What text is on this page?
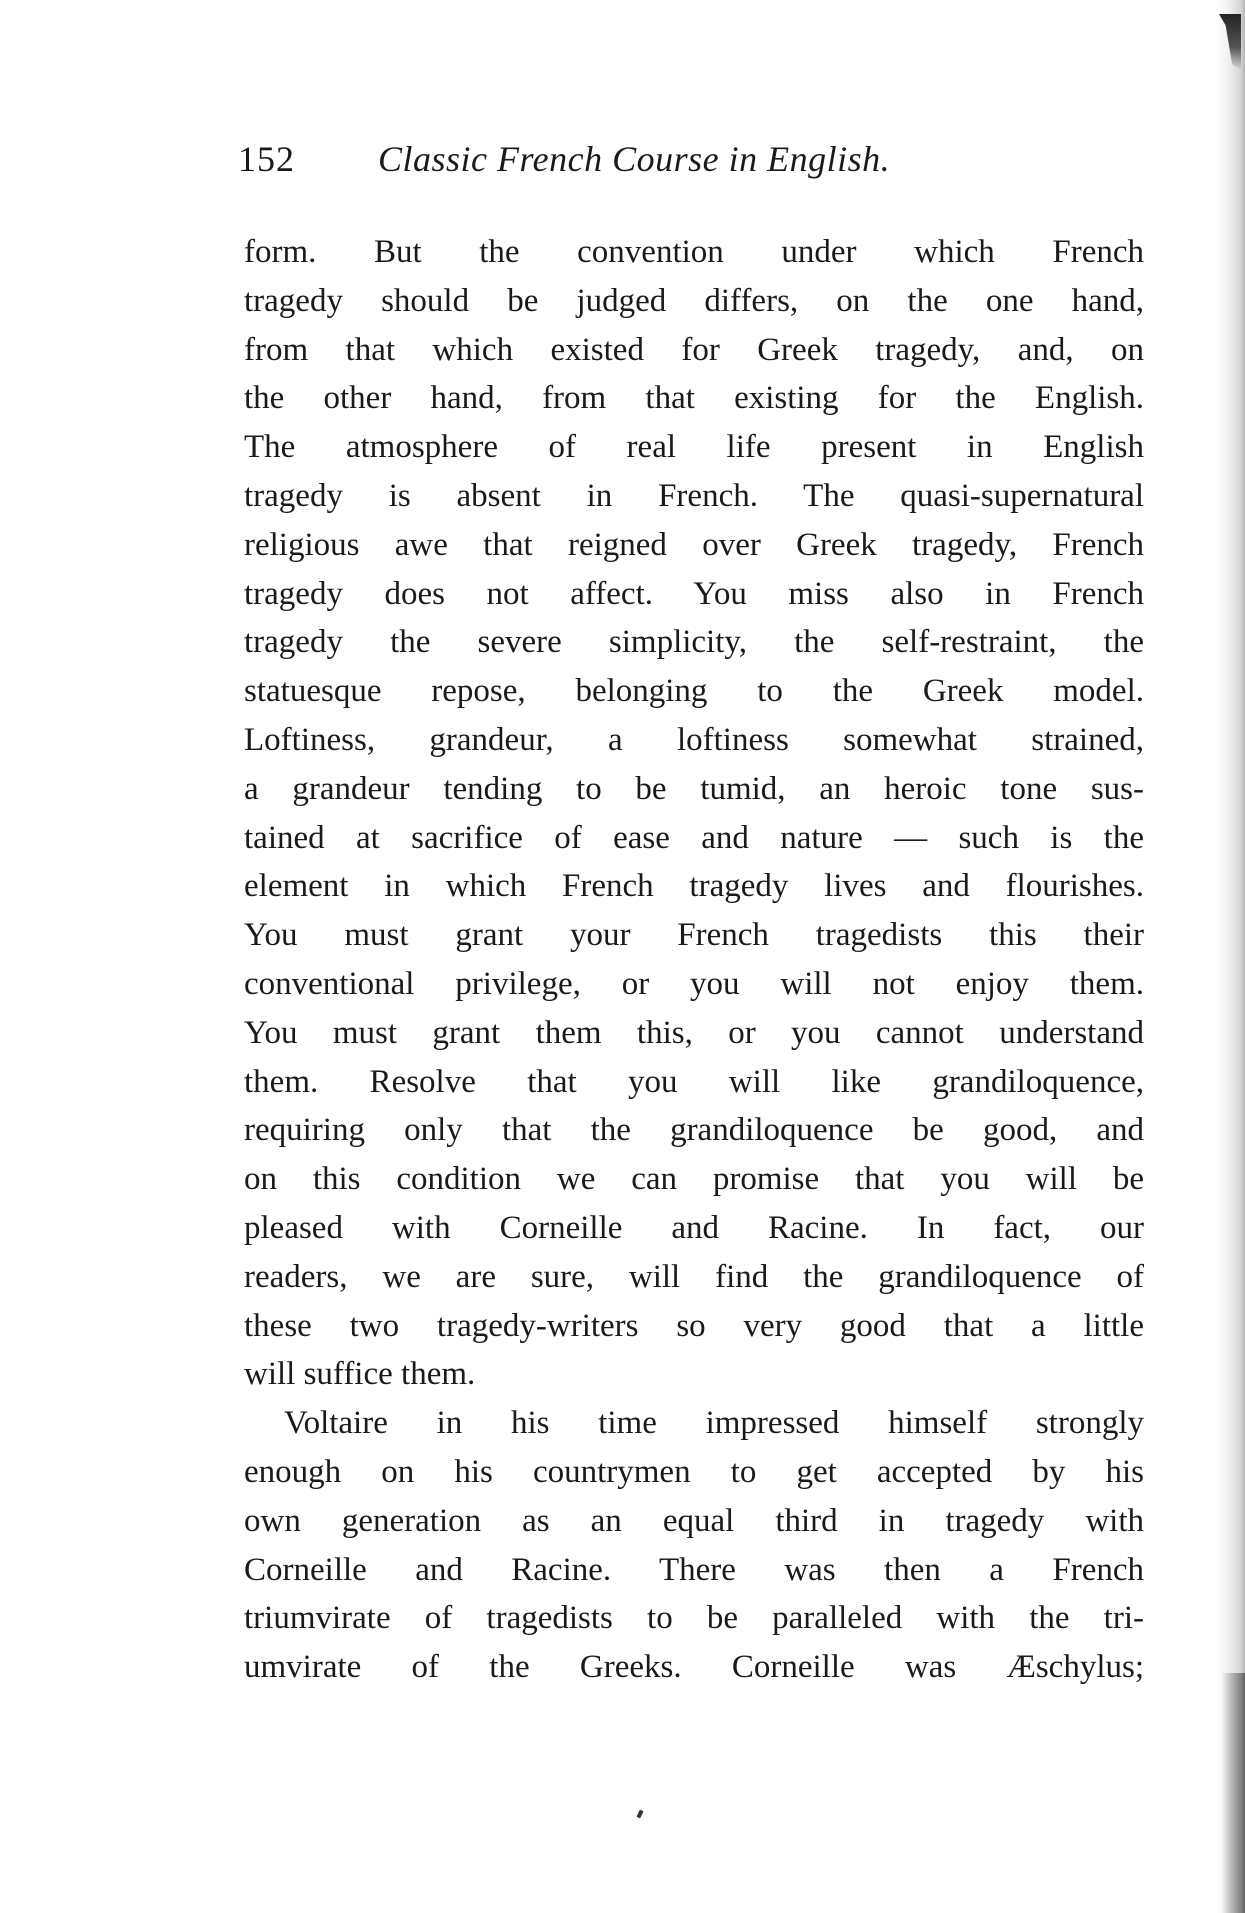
152 Classic French Course in English.
form. But the convention under which French
tragedy should be judged differs, on the one hand,
from that which existed for Greek tragedy, and, on
the other hand, from that existing for the English.
The atmosphere of real life present in English
tragedy is absent in French. The quasi-supernatural
religious awe that reigned over Greek tragedy, French
tragedy does not affect. You miss also in French
tragedy the severe simplicity, the self-restraint, the
statuesque repose, belonging to the Greek model.
Loftiness, grandeur, a loftiness somewhat strained,
a grandeur tending to be tumid, an heroic tone sus-
tained at sacrifice of ease and nature — such is the
element in which French tragedy lives and flourishes.
You must grant your French tragedists this their
conventional privilege, or you will not enjoy them.
You must grant them this, or you cannot understand
them. Resolve that you will like grandiloquence,
requiring only that the grandiloquence be good, and
on this condition we can promise that you will be
pleased with Corneille and Racine. In fact, our
readers, we are sure, will find the grandiloquence of
these two tragedy-writers so very good that a little
will suffice them.
Voltaire in his time impressed himself strongly
enough on his countrymen to get accepted by his
own generation as an equal third in tragedy with
Corneille and Racine. There was then a French
triumvirate of tragedists to be paralleled with the tri-
umvirate of the Greeks. Corneille was Æschylus;
